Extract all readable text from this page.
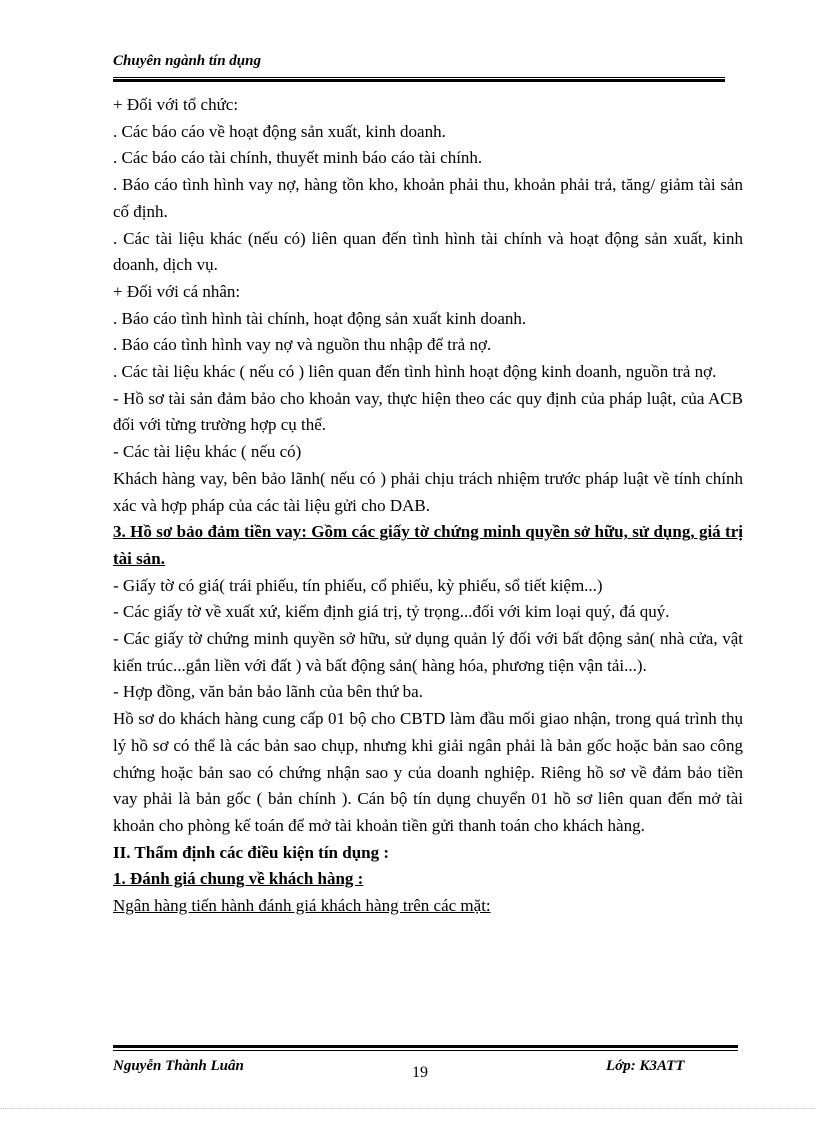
Chuyên ngành tín dụng

+ Đối với tổ chức:

. Các báo cáo về hoạt động sản xuất, kinh doanh.

. Các báo cáo tài chính, thuyết minh báo cáo tài chính.

. Báo cáo tình hình vay nợ, hàng tồn kho, khoản phải thu, khoản phải trả, tăng/ giảm tài sản cố định.

. Các tài liệu khác (nếu có) liên quan đến tình hình tài chính và hoạt động sản xuất, kinh doanh, dịch vụ.

+ Đối với cá nhân:

. Báo cáo tình hình tài chính, hoạt động sản xuất kinh doanh.

. Báo cáo tình hình vay nợ và nguồn thu nhập để trả nợ.

. Các tài liệu khác ( nếu có ) liên quan đến tình hình hoạt động kinh doanh, nguồn trả nợ.

- Hồ sơ tài sản đảm bảo cho khoản vay, thực hiện theo các quy định của pháp luật, của ACB đối với từng trường hợp cụ thể.

- Các tài liệu khác ( nếu có)

Khách hàng vay, bên bảo lãnh( nếu có ) phải chịu trách nhiệm trước pháp luật về tính chính xác và hợp pháp của các tài liệu gửi cho DAB.

3. Hồ sơ bảo đảm tiền vay: Gồm các giấy tờ chứng minh quyền sở hữu, sử dụng, giá trị tài sản.

- Giấy tờ có giá( trái phiếu, tín phiếu, cổ phiếu, kỳ phiếu, sổ tiết kiệm...)

- Các giấy tờ về xuất xứ, kiểm định giá trị, tỷ trọng...đối với kim loại quý, đá quý.

- Các giấy tờ chứng minh quyền sở hữu, sử dụng quản lý đối với bất động sản( nhà cửa, vật kiến trúc...gắn liền với đất ) và bất động sản( hàng hóa, phương tiện vận tải...).

- Hợp đồng, văn bản bảo lãnh của bên thứ ba.

Hồ sơ do khách hàng cung cấp 01 bộ cho CBTD làm đầu mối giao nhận, trong quá trình thụ lý hồ sơ có thể là các bản sao chụp, nhưng khi giải ngân phải là bản gốc hoặc bản sao công chứng hoặc bản sao có chứng nhận sao y của doanh nghiệp. Riêng hồ sơ về đảm bảo tiền vay phải là bản gốc ( bản chính ). Cán bộ tín dụng chuyển 01 hồ sơ liên quan đến mở tài khoản cho phòng kế toán để mở tài khoản tiền gửi thanh toán cho khách hàng.

II. Thẩm định các điều kiện tín dụng :

1. Đánh giá chung về khách hàng :

Ngân hàng tiến hành đánh giá khách hàng trên các mặt:

Nguyễn Thành Luân	19	Lớp: K3ATT
